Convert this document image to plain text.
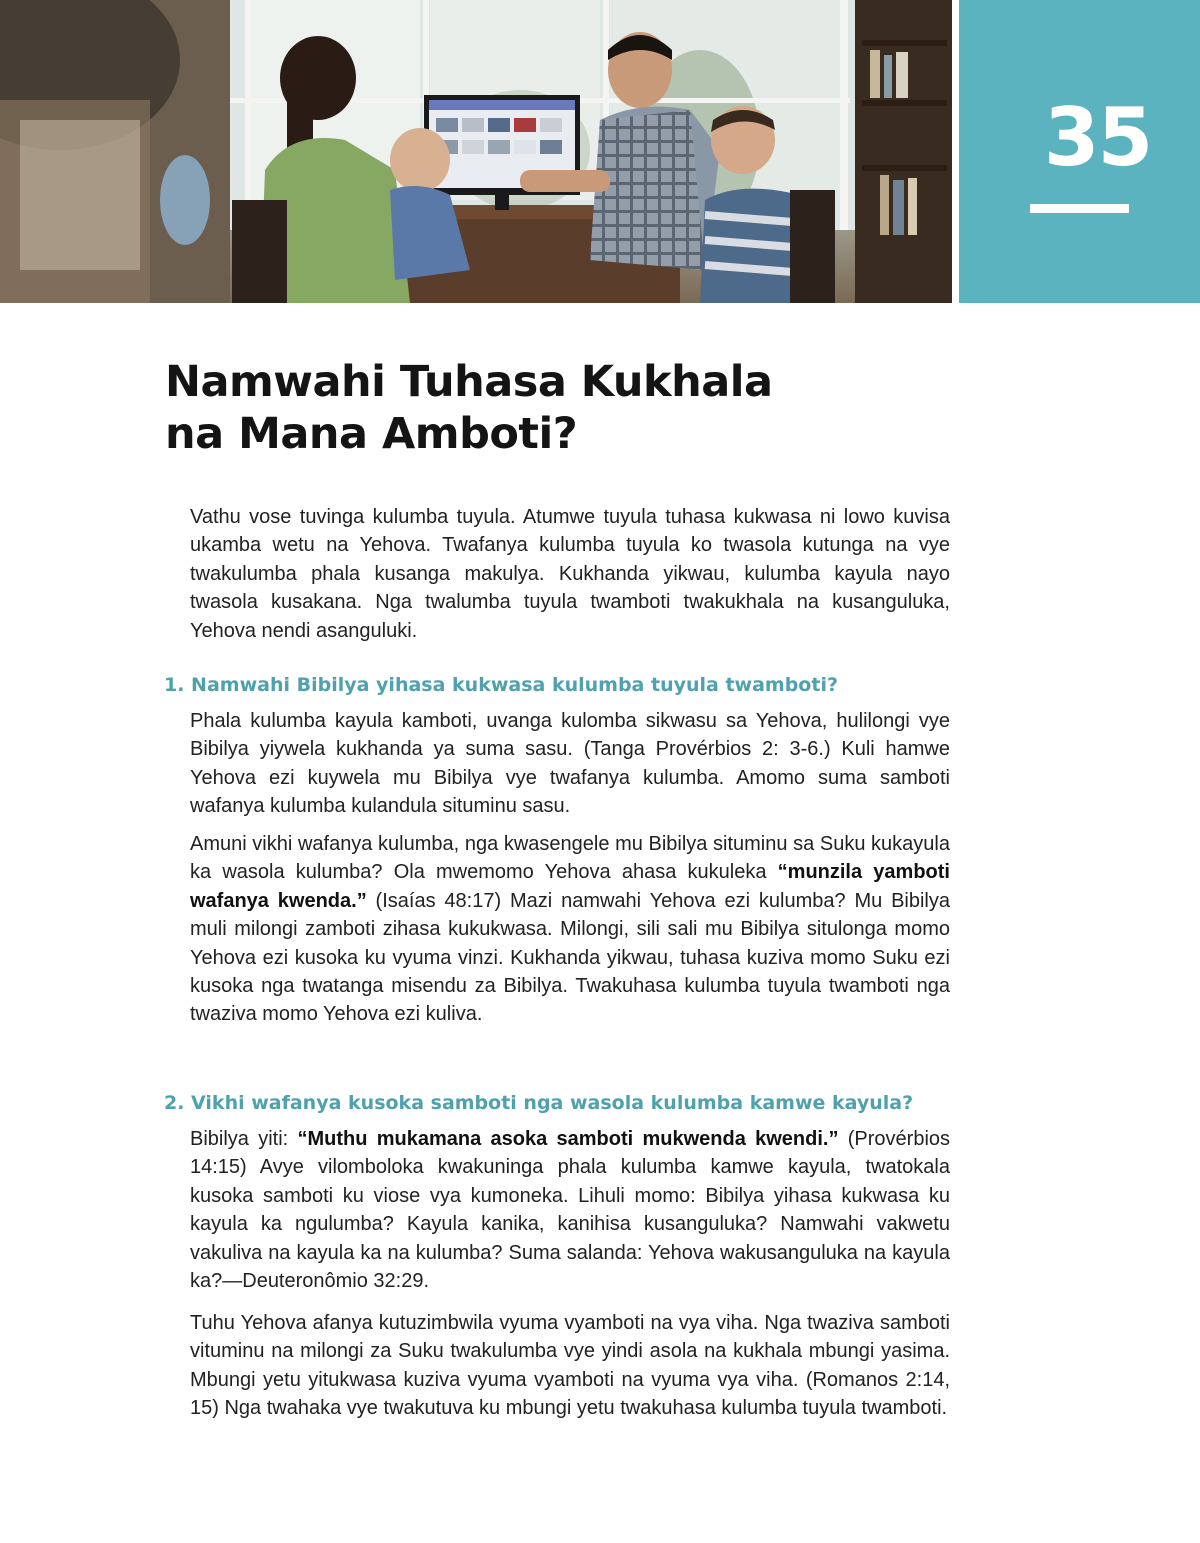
35
Namwahi Tuhasa Kukhala
na Mana Amboti?

Vathu vose tuvinga kulumba tuyula. Atumwe tuyula tuhasa kukwasa ni lowo kuvisa ukamba wetu na Yehova. Twafanya kulumba tuyula ko twasola kutunga na vye twakulumba phala kusanga makulya. Kukhanda yikwau, kulumba kayula nayo twasola kusakana. Nga twalumba tuyula twamboti twakukhala na kusanguluka, Yehova nendi asanguluki.

1. Namwahi Bibilya yihasa kukwasa kulumba tuyula twamboti?

Phala kulumba kayula kamboti, uvanga kulomba sikwasu sa Yehova, hulilongi vye Bibilya yiywela kukhanda ya suma sasu. (Tanga Provérbios 2: 3-6.) Kuli hamwe Yehova ezi kuywela mu Bibilya vye twafanya kulumba. Amomo suma samboti wafanya kulumba kulandula situminu sasu.

Amuni vikhi wafanya kulumba, nga kwasengele mu Bibilya situminu sa Suku kukayula ka wasola kulumba? Ola mwemomo Yehova ahasa kukuleka “munzila yamboti wafanya kwenda.” (Isaías 48:17) Mazi namwahi Yehova ezi kulumba? Mu Bibilya muli milongi zamboti zihasa kukukwasa. Milongi, sili sali mu Bibilya situlonga momo Yehova ezi kusoka ku vyuma vinzi. Kukhanda yikwau, tuhasa kuziva momo Suku ezi kusoka nga twatanga misendu za Bibilya. Twakuhasa kulumba tuyula twamboti nga twaziva momo Yehova ezi kuliva.

2. Vikhi wafanya kusoka samboti nga wasola kulumba kamwe kayula?

Bibilya yiti: “Muthu mukamana asoka samboti mukwenda kwendi.” (Provérbios 14:15) Avye vilomboloka kwakuninga phala kulumba kamwe kayula, twatokala kusoka samboti ku viose vya kumoneka. Lihuli momo: Bibilya yihasa kukwasa ku kayula ka ngulumba? Kayula kanika, kanihisa kusanguluka? Namwahi vakwetu vakuliva na kayula ka na kulumba? Suma salanda: Yehova wakusanguluka na kayula ka?—Deuteronômio 32:29.

Tuhu Yehova afanya kutuzimbwila vyuma vyamboti na vya viha. Nga twaziva samboti vituminu na milongi za Suku twakulumba vye yindi asola na kukhala mbungi yasima. Mbungi yetu yitukwasa kuziva vyuma vyamboti na vyuma vya viha. (Romanos 2:14, 15) Nga twahaka vye twakutuva ku mbungi yetu twakuhasa kulumba tuyula twamboti.
